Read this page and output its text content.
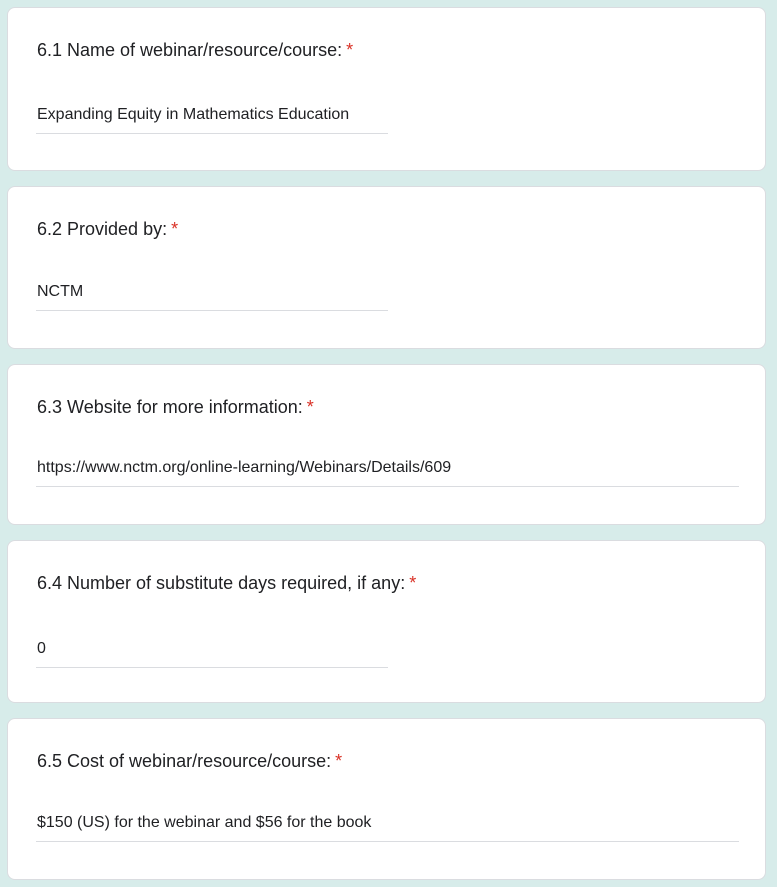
6.1 Name of webinar/resource/course: *
Expanding Equity in Mathematics Education
6.2 Provided by: *
NCTM
6.3 Website for more information: *
https://www.nctm.org/online-learning/Webinars/Details/609
6.4 Number of substitute days required, if any: *
0
6.5 Cost of webinar/resource/course: *
$150 (US) for the webinar and $56 for the book
